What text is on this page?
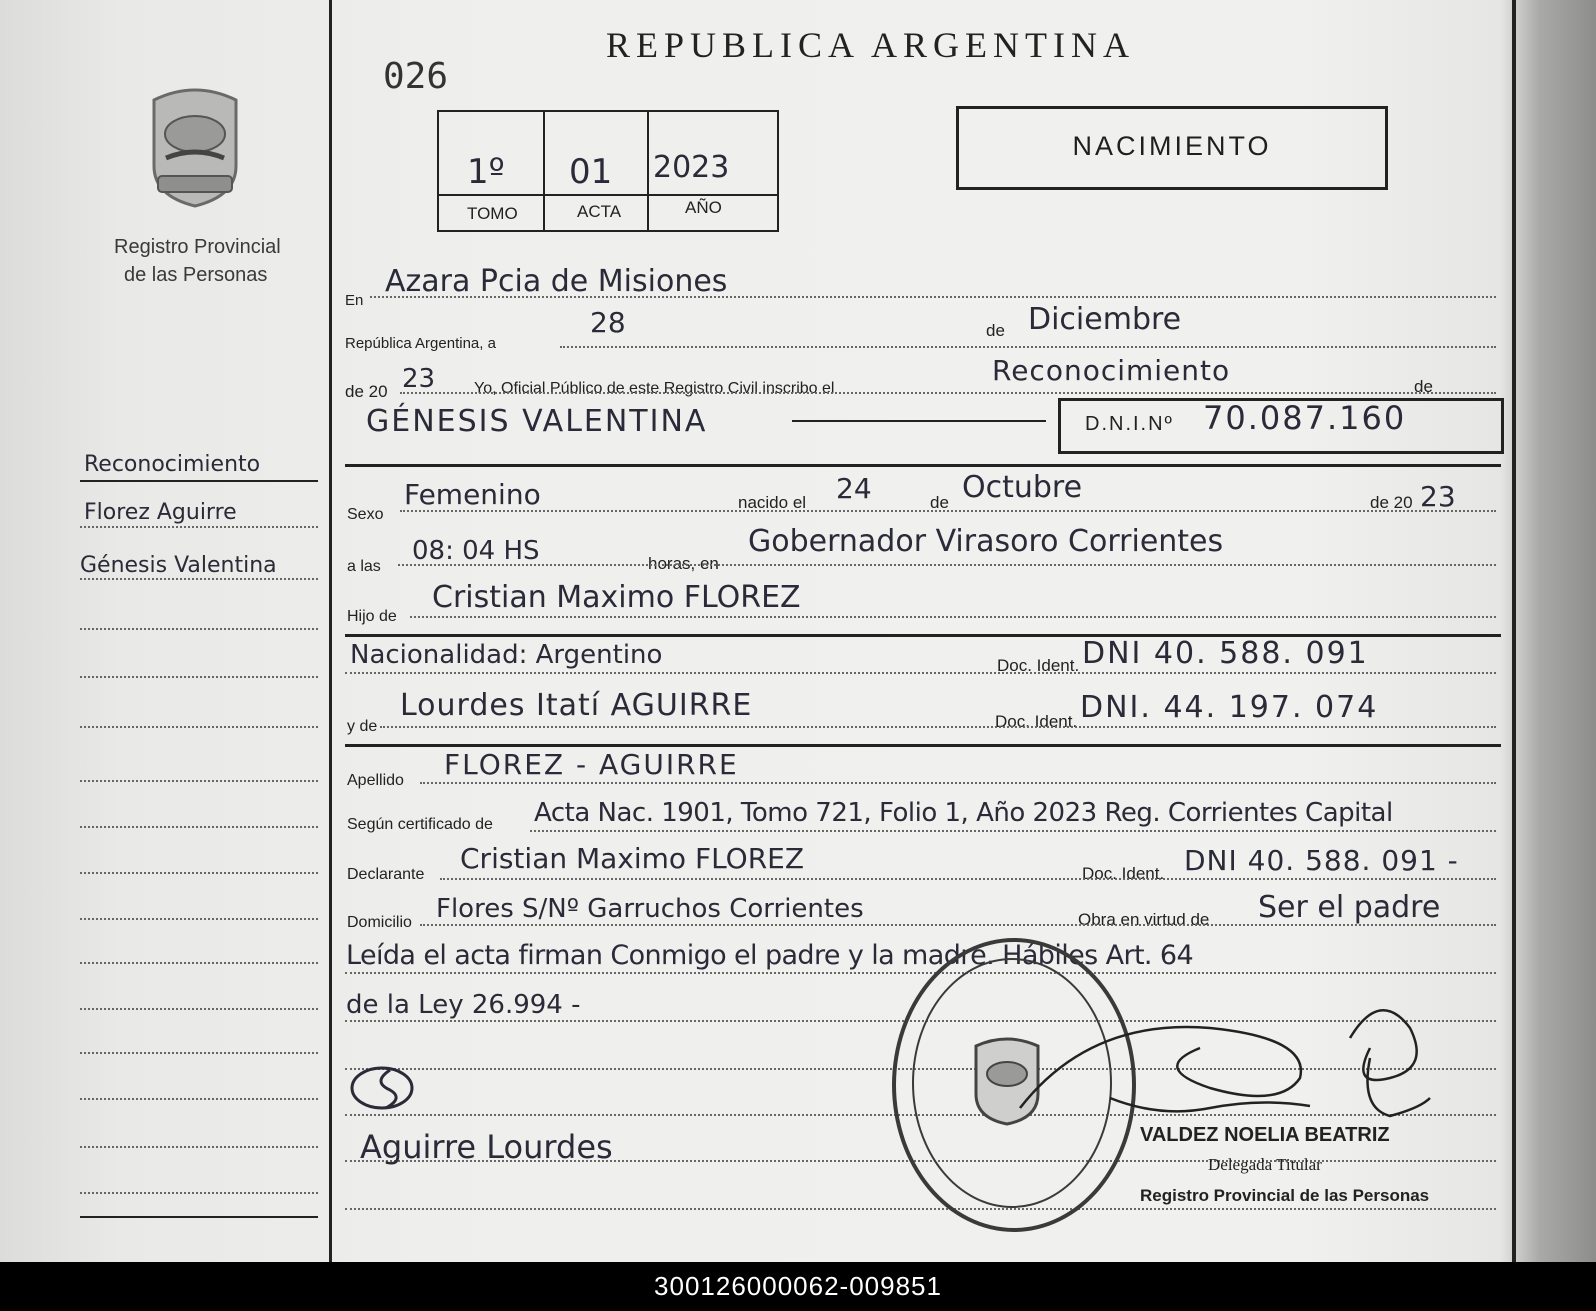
Registro Provincial
de las Personas
Reconocimiento
Florez Aguirre
Génesis Valentina
026
REPUBLICA ARGENTINA
1º 01 2023
TOMO	ACTA	AÑO
NACIMIENTO
En
Azara Pcia de Misiones
República Argentina, a
28	de Diciembre
de 20 23 Yo, Oficial Público de este Registro Civil inscribo el
Reconocimiento	de
GÉNESIS VALENTINA	D.N.I.Nº 70.087.160
Sexo
Femenino	nacido el 24	de Octubre	de 20 23
a las
08: 04 HS	horas, en
Gobernador Virasoro Corrientes
Hijo de
Cristian Maximo FLOREZ
Nacionalidad: Argentino	Doc. Ident. DNI 40. 588. 091
y de
Lourdes Itatí AGUIRRE	Doc. Ident. DNI. 44. 197. 074
Apellido FLOREZ - AGUIRRE
Según certificado de Acta Nac. 1901, Tomo 721, Folio 1, Año 2023 Reg. Corrientes Capital
Declarante Cristian Maximo FLOREZ	Doc. Ident. DNI 40. 588. 091 -
Domicilio Flores S/Nº Garruchos Corrientes	Obra en virtud de Ser el padre
Leída el acta firman Conmigo el padre y la madre. Hábiles Art. 64
de la Ley 26.994 -
Aguirre Lourdes	VALDEZ NOELIA BEATRIZ
Delegada Titular
Registro Provincial de las Personas
300126000062-009851
